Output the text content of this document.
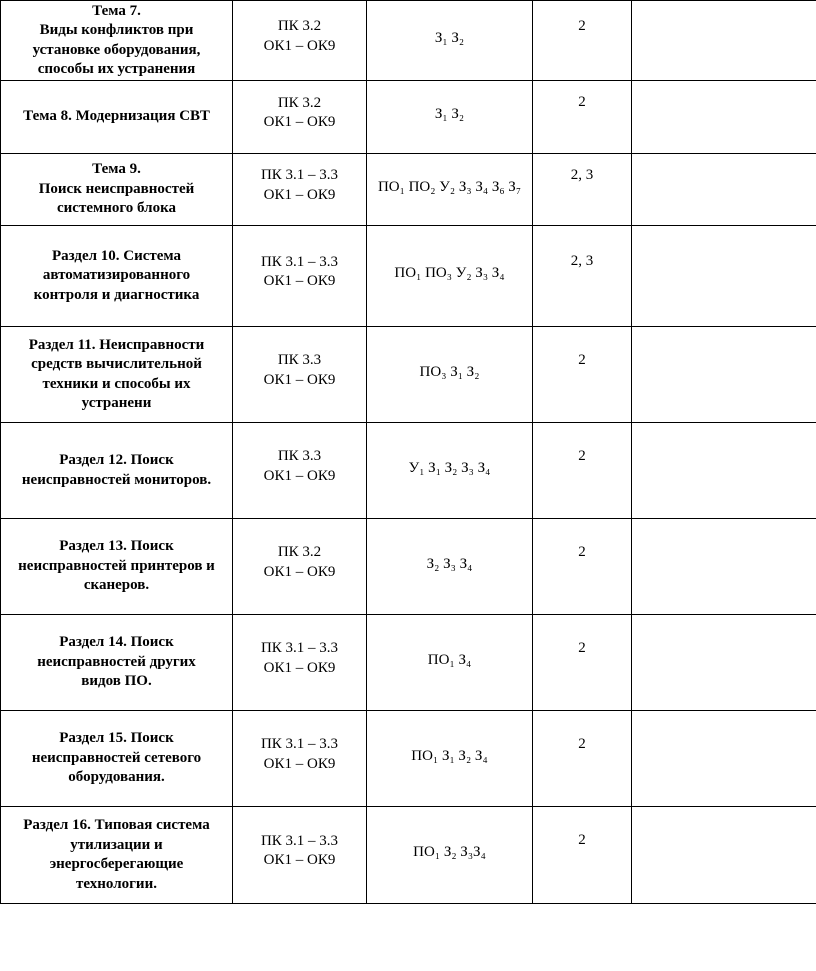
Тема 7.
Виды конфликтов при
установке оборудования,
способы их устранения	ПК 3.2
ОК1 – ОК9	З₁ З₂	2	

Тема 8. Модернизация СВТ	ПК 3.2
ОК1 – ОК9	З₁ З₂	2	

Тема 9.
Поиск неисправностей
системного блока	ПК 3.1 – 3.3
ОК1 – ОК9	ПО₁ ПО₂ У₂ З₃ З₄ З₆ З₇	2, 3	

Раздел 10. Система
автоматизированного
контроля и диагностика	ПК 3.1 – 3.3
ОК1 – ОК9	ПО₁ ПО₃ У₂ З₃ З₄	2, 3	

Раздел 11. Неисправности
средств вычислительной
техники и способы их
устранени	ПК 3.3
ОК1 – ОК9	ПО₃ З₁ З₂	2	

Раздел 12. Поиск
неисправностей мониторов.	ПК 3.3
ОК1 – ОК9	У₁ З₁ З₂ З₃ З₄	2	

Раздел 13. Поиск
неисправностей принтеров и
сканеров.	ПК 3.2
ОК1 – ОК9	З₂ З₃ З₄	2	

Раздел 14. Поиск
неисправностей других
видов ПО.	ПК 3.1 – 3.3
ОК1 – ОК9	ПО₁ З₄	2	

Раздел 15. Поиск
неисправностей сетевого
оборудования.	ПК 3.1 – 3.3
ОК1 – ОК9	ПО₁ З₁ З₂ З₄	2	

Раздел 16. Типовая система
утилизации и
энергосберегающие
технологии.	ПК 3.1 – 3.3
ОК1 – ОК9	ПО₁ З₂ З₃З₄	2	
